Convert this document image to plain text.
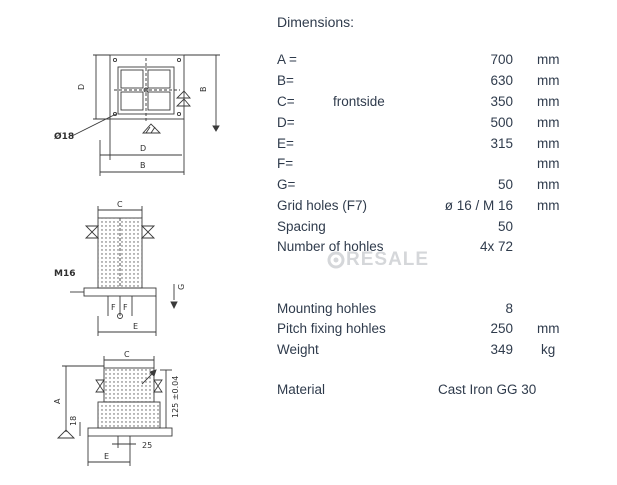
D	B
Ø18
D
B
C
M16
F F
E
G
C
A
18
125 ±0.04
25
E
Dimensions:
A =	700 mm
B=	630 mm
C=	frontside	350 mm
D=	500 mm
E=	315 mm
F=	mm
G=	50 mm
Grid holes (F7)	ø 16 / M 16 mm
Spacing	50
Number of hohles	4x 72
Mounting hohles	8
Pitch fixing hohles	250 mm
Weight	349 kg
RESALE
Material	Cast Iron GG 30
